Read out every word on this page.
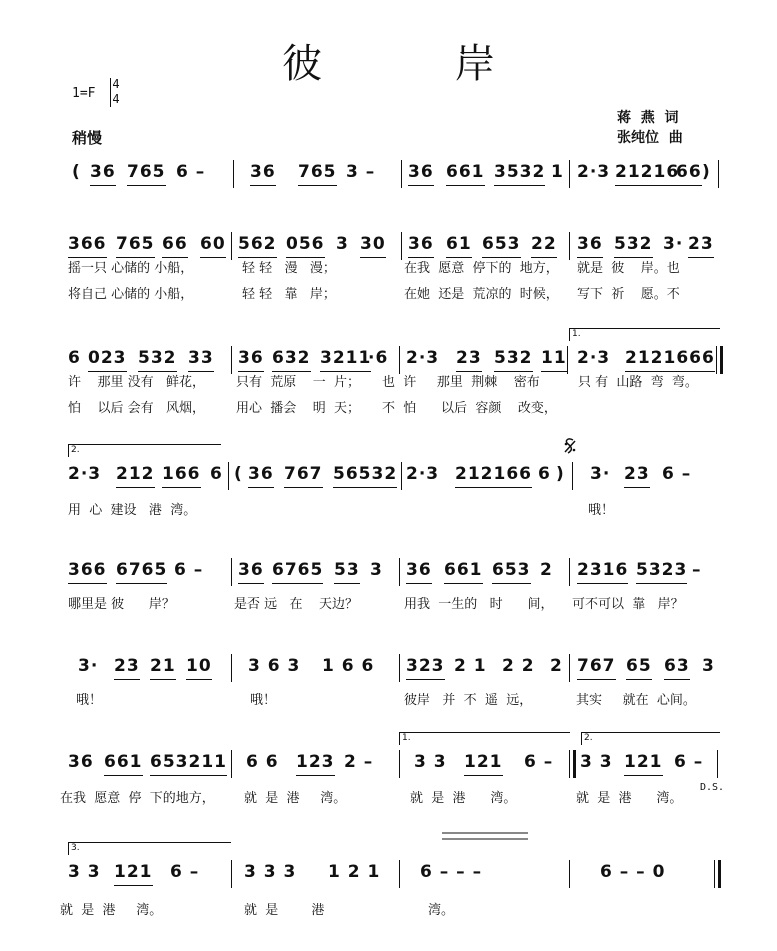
彼 岸
1=F
4
4
稍慢
蒋  燕  词
张纯位  曲
( 36 765 6 –	36 765 3 – 36 661 3532 1 2·3 21216
66 )
366 765 66 60 562 056 3 30 36 61 653 22 36 532 3· 23
摇一只 心储的 小船，	轻 轻   漫   漫；	在我  愿意  停下的  地方， 就是  彼    岸。也
将自己 心储的 小船，	轻 轻   靠   岸；	在她  还是  荒凉的  时候， 写下  祈    愿。不
1.
6 023 532 33 36 632 3211
·6 2·3 23 532 11 2·3 2121666
许    那里 没有   鲜花， 只有  荒原    一  片； 也  许     那里  荆棘    密布	只 有  山路  弯  弯。
怕    以后 会有   风烟， 用心  播会    明  天； 不  怕      以后  容颜    改变，
2.
2·3 212 166 6 ( 36 767 56532 2·3 212166 6 ) 3· 23 6 –
用  心  建设   港  湾。	哦！
366 6765 6 – 36 6765 53 3 36 661 653 2 2316 5323 –
哪里是 彼      岸？	是否 远   在    天边？	用我  一生的   时      间， 可不可以  靠   岸？
3· 23 21 10 3 6 3 1 6 6 323 2 1 2 2 2 767 65 63 3
哦！	哦！	彼岸   并  不  遥  远，	其实     就在  心间。
1.	2.
36 661 653211 6 6 123 2 – 3 3 121 6 – 3 3 121 6 –
D.S.
在我  愿意  停  下的地方， 就  是  港     湾。	就  是  港      湾。	就  是  港      湾。
3.
3 3 121 6 –	3 3 3 1 2 1 6 – – –	6 – – 0
就  是  港     湾。	就  是        港	湾。
